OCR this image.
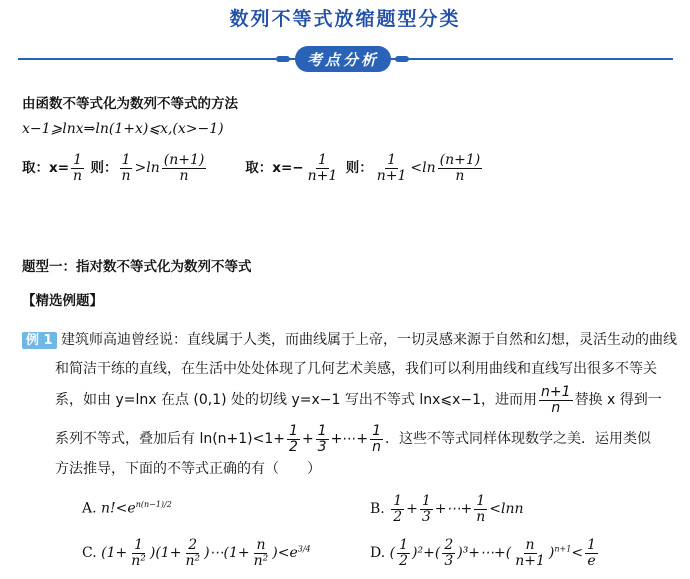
数列不等式放缩题型分类
考点分析
由函数不等式化为数列不等式的方法
x−1⩾lnx⇒ln(1+x)⩽x,(x>−1)
取：$x= \frac{1}{n}$ 则： $\frac{1}{n} >\ln \frac{(n+1)}{n}$	取：$x=- \frac{1}{n+1}$ 则： $\frac{1}{n+1} <\ln \frac{(n+1)}{n}$
题型一：指对数不等式化为数列不等式
【精选例题】
例 1 建筑师高迪曾经说：直线属于人类，而曲线属于上帝，一切灵感来源于自然和幻想，灵活生动的曲线
和简洁干练的直线，在生活中处处体现了几何艺术美感，我们可以利用曲线和直线写出很多不等关
系，如由 y=lnx 在点 (0,1) 处的切线 y=x−1 写出不等式 lnx⩽x−1，进而用 $\frac{n+1}{n}$ 替换 x 得到一
系列不等式，叠加后有 $\ln(n+1)<1+ \frac{1}{2} + \frac{1}{3}$ +⋯+ $\frac{1}{n}$ ．这些不等式同样体现数学之美．运用类似
方法推导，下面的不等式正确的有（　　）
A. $n!<e^{n(n-1)/2}$	B. $\frac{1}{2} + \frac{1}{3}$ +⋯+ $\frac{1}{n} <\ln n$
C. $(1+ \frac{1}{\text{n²}} )(1+ \frac{2}{\text{n²}}$ )⋯(1+ $\frac{n}{\text{n²}} )<e^{3/4}$	D. ( $\frac{1}{2} )^2+( \frac{2}{3}$ )³+⋯+( $\frac{n}{n+1} )^{n+1}< \frac{1}{e}$
